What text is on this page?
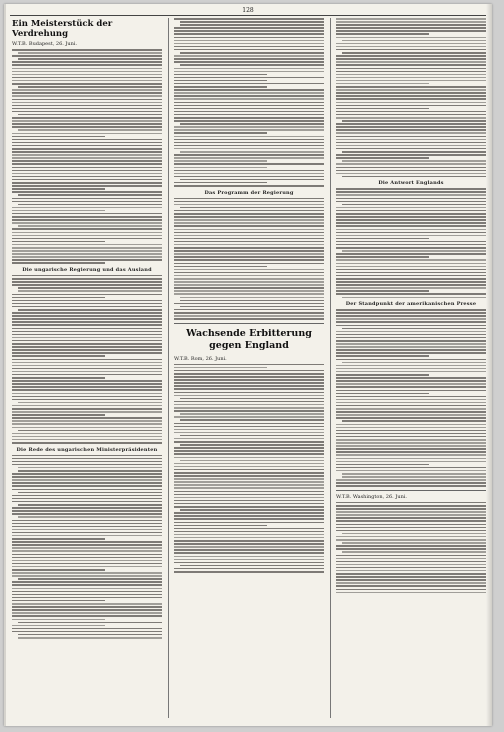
128
Ein Meisterstück der Verdrehung
W.T.B. Budapest, 26. Juni.
Die ungarische Regierung und das Ausland
Die Rede des ungarischen Ministerpräsidenten
Das Programm der Regierung
Wachsende Erbitterung gegen England
W.T.B. Rom, 26. Juni.
Die Antwort Englands
Der Standpunkt der amerikanischen Presse
W.T.B. Washington, 26. Juni.
